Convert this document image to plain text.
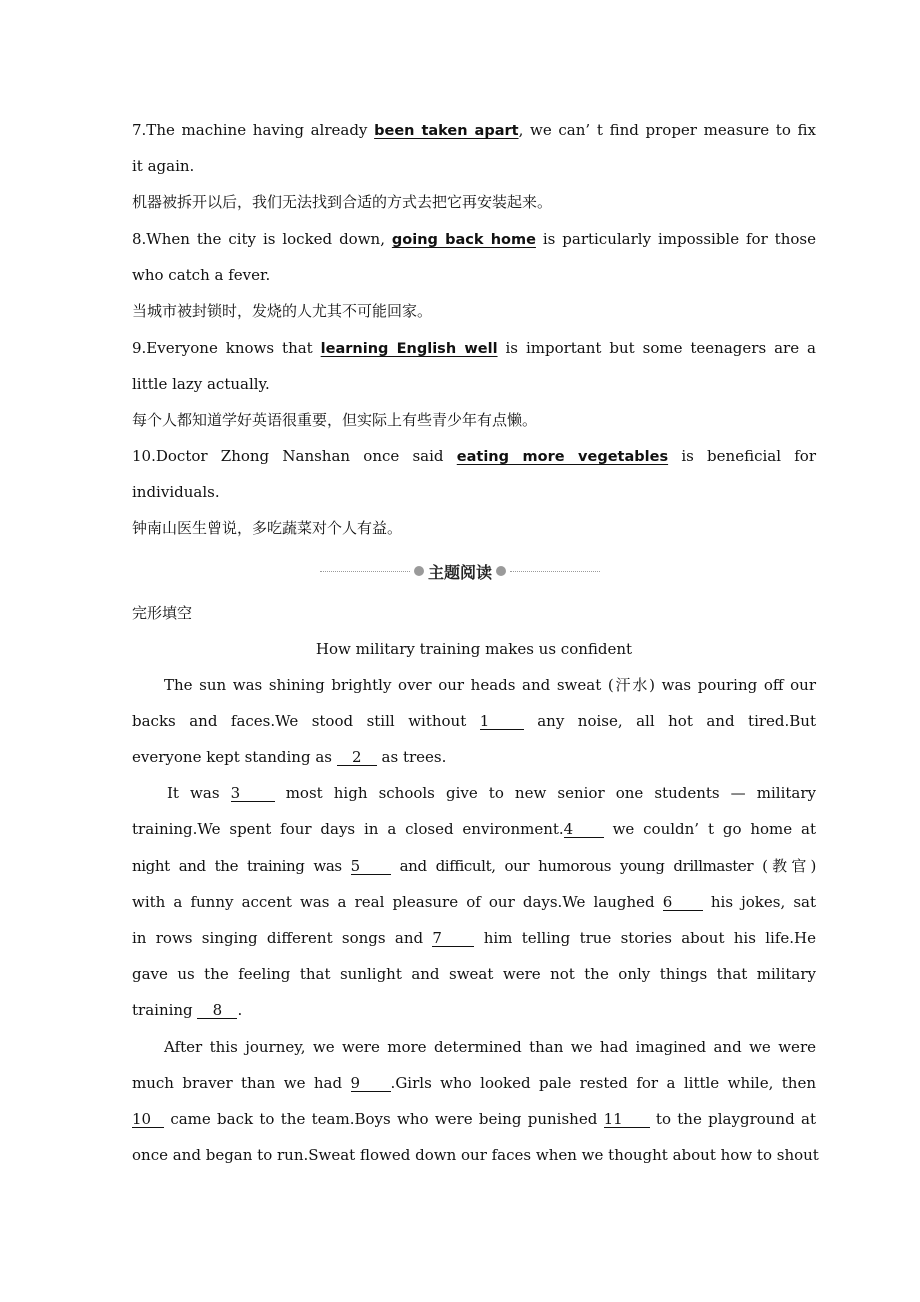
7.The machine having already been taken apart, we can’ t find proper measure to fix
it again.
机器被拆开以后，我们无法找到合适的方式去把它再安装起来。
8.When the city is locked down, going back home is particularly impossible for those
who catch a fever.
当城市被封锁时，发烧的人尤其不可能回家。
9.Everyone knows that learning English well is important but some teenagers are a
little lazy actually.
每个人都知道学好英语很重要，但实际上有些青少年有点懒。
10.Doctor Zhong Nanshan once said eating more vegetables is beneficial for
individuals.
钟南山医生曾说，多吃蔬菜对个人有益。
主题阅读
完形填空
How military training makes us confident
The sun was shining brightly over our heads and sweat (汗水) was pouring off our
backs and faces.We stood still without 1	any noise, all hot and tired.But
everyone kept standing as 2 as trees.
It was 3	most high schools give to new senior one students — military
training.We spent four days in a closed environment.4	we couldn’ t go home at
night and the training was 5	and difficult, our humorous young drillmaster (教官)
with a funny accent was a real pleasure of our days.We laughed 6	his jokes, sat
in rows singing different songs and 7	him telling true stories about his life.He
gave us the feeling that sunlight and sweat were not the only things that military
training 8 .
After this journey, we were more determined than we had imagined and we were
much braver than we had 9 .Girls who looked pale rested for a little while, then
10 came back to the team.Boys who were being punished 11 to the playground at
once and began to run.Sweat flowed down our faces when we thought about how to shout
